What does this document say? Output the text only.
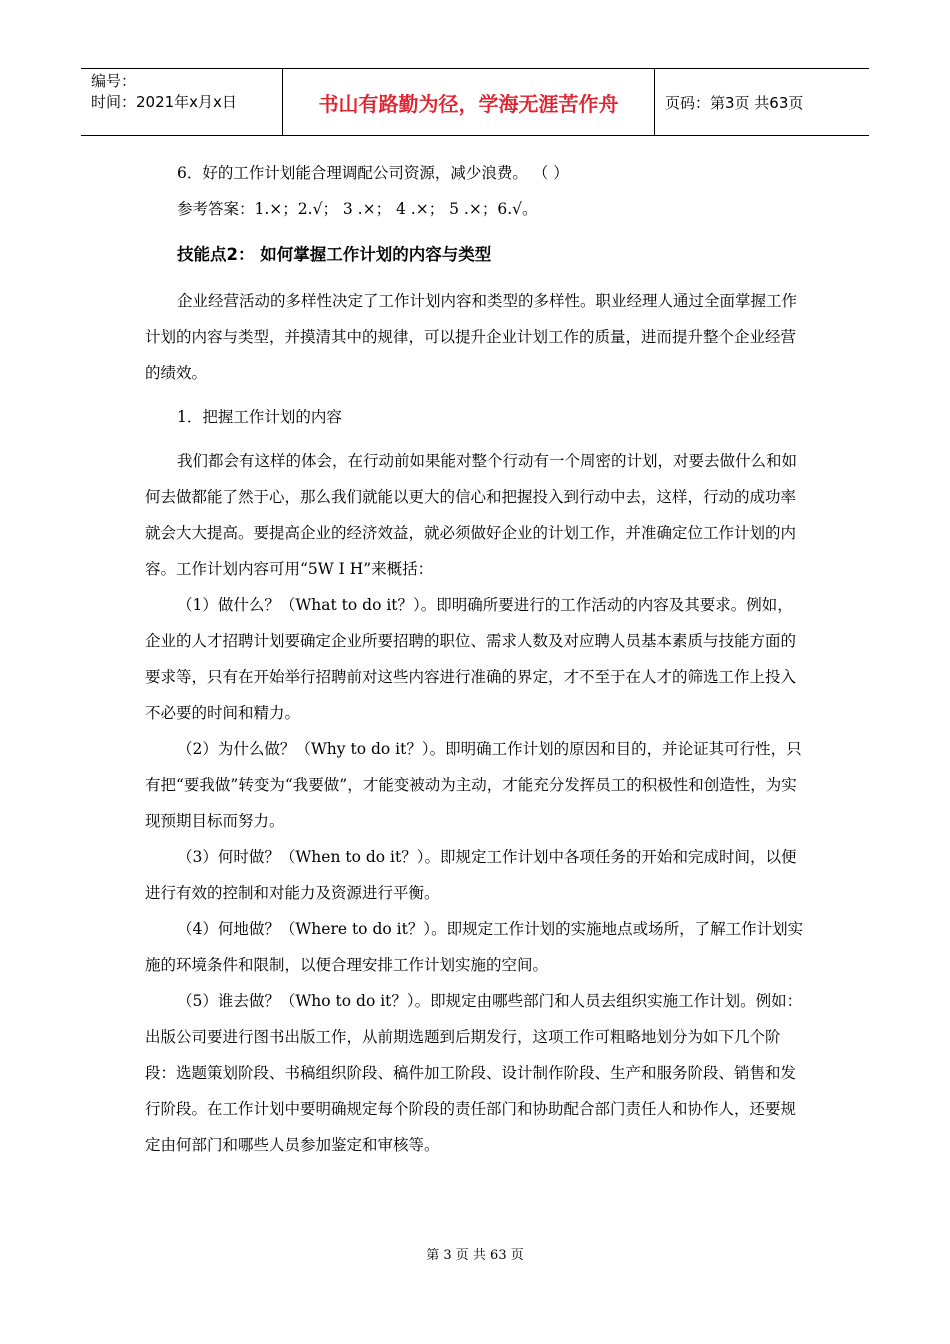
编号：
时间：2021年x月x日	书山有路勤为径，学海无涯苦作舟	页码：第3页 共63页

6．好的工作计划能合理调配公司资源，减少浪费。 （ ）

参考答案：1.×；2.√； 3 .×； 4 .×； 5 .×；6.√。

技能点2： 如何掌握工作计划的内容与类型

企业经营活动的多样性决定了工作计划内容和类型的多样性。职业经理人通过全面掌握工作计划的内容与类型，并摸清其中的规律，可以提升企业计划工作的质量，进而提升整个企业经营的绩效。

1．把握工作计划的内容

我们都会有这样的体会，在行动前如果能对整个行动有一个周密的计划，对要去做什么和如何去做都能了然于心，那么我们就能以更大的信心和把握投入到行动中去，这样，行动的成功率就会大大提高。要提高企业的经济效益，就必须做好企业的计划工作，并准确定位工作计划的内容。工作计划内容可用“5W I H”来概括：

（1）做什么？（What to do it？）。即明确所要进行的工作活动的内容及其要求。例如，企业的人才招聘计划要确定企业所要招聘的职位、需求人数及对应聘人员基本素质与技能方面的要求等，只有在开始举行招聘前对这些内容进行准确的界定，才不至于在人才的筛选工作上投入不必要的时间和精力。

（2）为什么做？（Why to do it？）。即明确工作计划的原因和目的，并论证其可行性，只有把“要我做”转变为“我要做”，才能变被动为主动，才能充分发挥员工的积极性和创造性，为实现预期目标而努力。

（3）何时做？（When to do it？）。即规定工作计划中各项任务的开始和完成时间，以便进行有效的控制和对能力及资源进行平衡。

（4）何地做？（Where to do it？）。即规定工作计划的实施地点或场所，了解工作计划实施的环境条件和限制，以便合理安排工作计划实施的空间。

（5）谁去做？（Who to do it？）。即规定由哪些部门和人员去组织实施工作计划。例如：出版公司要进行图书出版工作，从前期选题到后期发行，这项工作可粗略地划分为如下几个阶段：选题策划阶段、书稿组织阶段、稿件加工阶段、设计制作阶段、生产和服务阶段、销售和发行阶段。在工作计划中要明确规定每个阶段的责任部门和协助配合部门责任人和协作人，还要规定由何部门和哪些人员参加鉴定和审核等。

第 3 页 共 63 页
